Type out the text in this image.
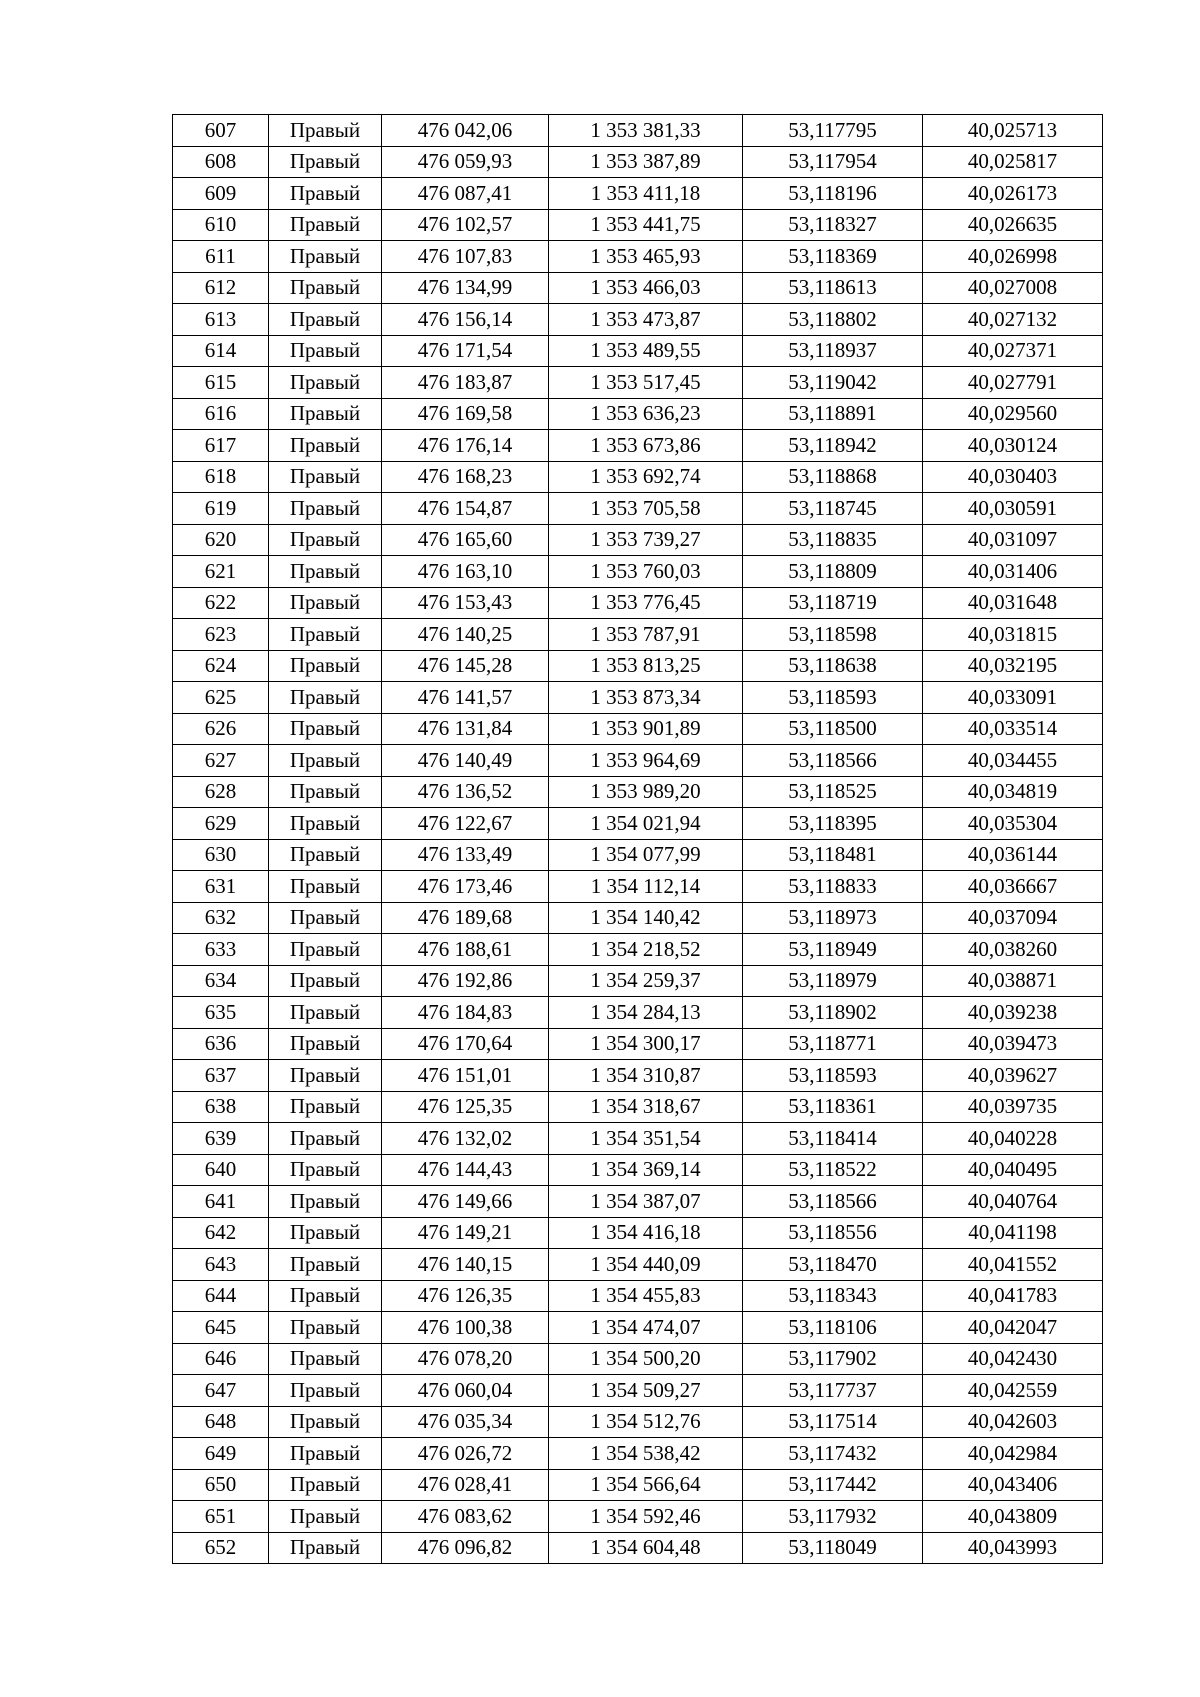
607	Правый	476 042,06	1 353 381,33	53,117795	40,025713
608	Правый	476 059,93	1 353 387,89	53,117954	40,025817
609	Правый	476 087,41	1 353 411,18	53,118196	40,026173
610	Правый	476 102,57	1 353 441,75	53,118327	40,026635
611	Правый	476 107,83	1 353 465,93	53,118369	40,026998
612	Правый	476 134,99	1 353 466,03	53,118613	40,027008
613	Правый	476 156,14	1 353 473,87	53,118802	40,027132
614	Правый	476 171,54	1 353 489,55	53,118937	40,027371
615	Правый	476 183,87	1 353 517,45	53,119042	40,027791
616	Правый	476 169,58	1 353 636,23	53,118891	40,029560
617	Правый	476 176,14	1 353 673,86	53,118942	40,030124
618	Правый	476 168,23	1 353 692,74	53,118868	40,030403
619	Правый	476 154,87	1 353 705,58	53,118745	40,030591
620	Правый	476 165,60	1 353 739,27	53,118835	40,031097
621	Правый	476 163,10	1 353 760,03	53,118809	40,031406
622	Правый	476 153,43	1 353 776,45	53,118719	40,031648
623	Правый	476 140,25	1 353 787,91	53,118598	40,031815
624	Правый	476 145,28	1 353 813,25	53,118638	40,032195
625	Правый	476 141,57	1 353 873,34	53,118593	40,033091
626	Правый	476 131,84	1 353 901,89	53,118500	40,033514
627	Правый	476 140,49	1 353 964,69	53,118566	40,034455
628	Правый	476 136,52	1 353 989,20	53,118525	40,034819
629	Правый	476 122,67	1 354 021,94	53,118395	40,035304
630	Правый	476 133,49	1 354 077,99	53,118481	40,036144
631	Правый	476 173,46	1 354 112,14	53,118833	40,036667
632	Правый	476 189,68	1 354 140,42	53,118973	40,037094
633	Правый	476 188,61	1 354 218,52	53,118949	40,038260
634	Правый	476 192,86	1 354 259,37	53,118979	40,038871
635	Правый	476 184,83	1 354 284,13	53,118902	40,039238
636	Правый	476 170,64	1 354 300,17	53,118771	40,039473
637	Правый	476 151,01	1 354 310,87	53,118593	40,039627
638	Правый	476 125,35	1 354 318,67	53,118361	40,039735
639	Правый	476 132,02	1 354 351,54	53,118414	40,040228
640	Правый	476 144,43	1 354 369,14	53,118522	40,040495
641	Правый	476 149,66	1 354 387,07	53,118566	40,040764
642	Правый	476 149,21	1 354 416,18	53,118556	40,041198
643	Правый	476 140,15	1 354 440,09	53,118470	40,041552
644	Правый	476 126,35	1 354 455,83	53,118343	40,041783
645	Правый	476 100,38	1 354 474,07	53,118106	40,042047
646	Правый	476 078,20	1 354 500,20	53,117902	40,042430
647	Правый	476 060,04	1 354 509,27	53,117737	40,042559
648	Правый	476 035,34	1 354 512,76	53,117514	40,042603
649	Правый	476 026,72	1 354 538,42	53,117432	40,042984
650	Правый	476 028,41	1 354 566,64	53,117442	40,043406
651	Правый	476 083,62	1 354 592,46	53,117932	40,043809
652	Правый	476 096,82	1 354 604,48	53,118049	40,043993
